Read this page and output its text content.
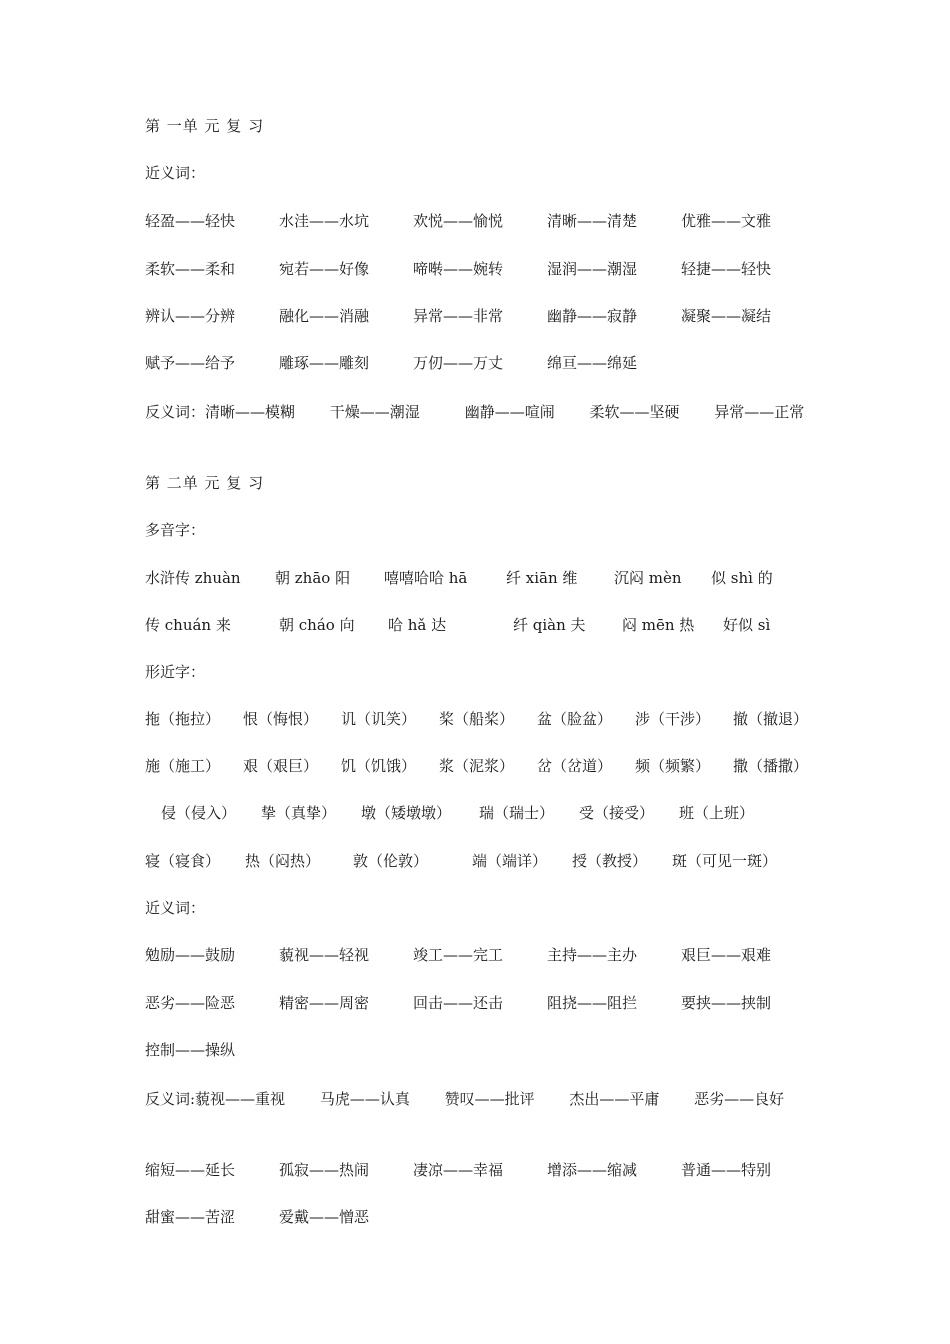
第 一单 元 复 习
近义词：
轻盈——轻快	水洼——水坑	欢悦——愉悦	清晰——清楚	优雅——文雅
柔软——柔和	宛若——好像	啼啭——婉转	湿润——潮湿	轻捷——轻快
辨认——分辨	融化——消融	异常——非常	幽静——寂静	凝聚——凝结
赋予——给予	雕琢——雕刻	万仞——万丈	绵亘——绵延
反义词：清晰——模糊　　 干燥——潮湿　　　幽静——喧闹　　 柔软——坚硬　　 异常——正常
第 二单 元 复 习
多音字：
水浒传 zhuàn	朝 zhāo 阳	嘻嘻哈哈 hā	纤 xiān 维	沉闷 mèn	似 shì 的
传 chuán 来	朝 cháo 向	哈 hǎ 达	纤 qiàn 夫	闷 mēn 热	好似 sì
形近字：
拖（拖拉）	恨（悔恨）	讥（讥笑）	桨（船桨）	盆（脸盆）	涉（干涉）	撤（撤退）
施（施工）	艰（艰巨）	饥（饥饿）	浆（泥浆）	岔（岔道）	频（频繁）	撒（播撒）
侵（侵入）	挚（真挚）	墩（矮墩墩）	瑞（瑞士）	受（接受）	班（上班）
寝（寝食）	热（闷热）	敦（伦敦）	端（端详）	授（教授）	斑（可见一斑）
近义词：
勉励——鼓励	藐视——轻视	竣工——完工	主持——主办	艰巨——艰难
恶劣——险恶	精密——周密	回击——还击	阻挠——阻拦	要挟——挟制
控制——操纵
反义词:藐视——重视　　 马虎——认真　　 赞叹——批评　　 杰出——平庸　　 恶劣——良好
缩短——延长	孤寂——热闹	凄凉——幸福	增添——缩减	普通——特别
甜蜜——苦涩	爱戴——憎恶
